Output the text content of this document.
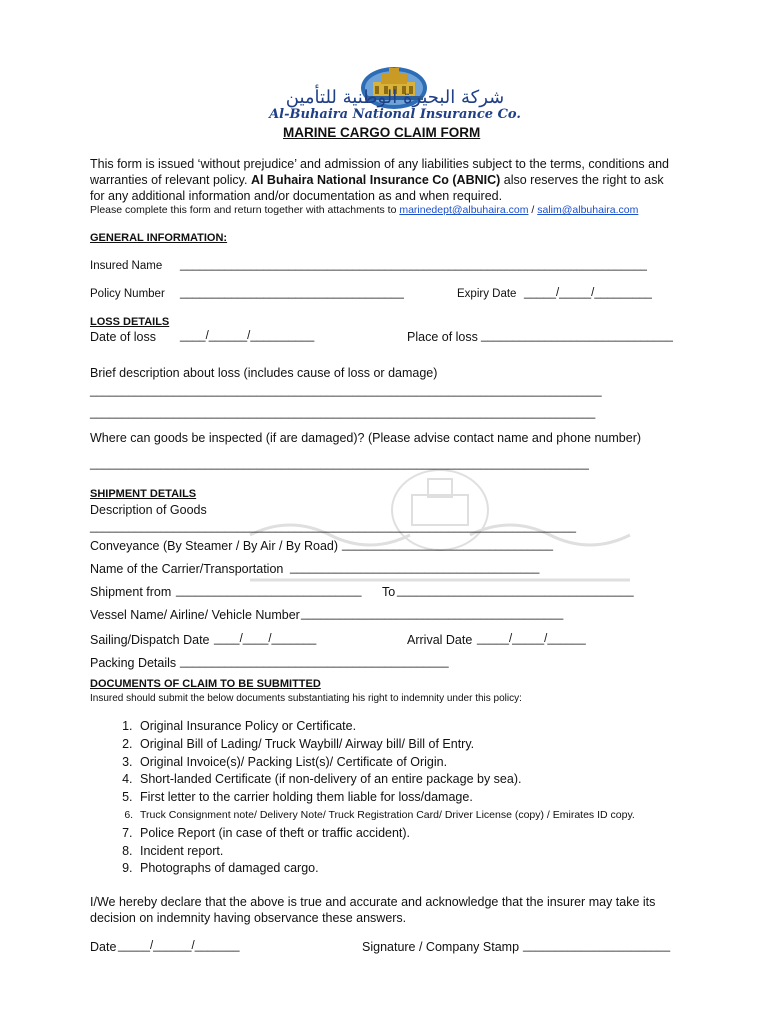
شركة البحيرة الوطنية للتأمين
Al-Buhaira National Insurance Co.
MARINE CARGO CLAIM FORM
This form is issued ‘without prejudice’ and admission of any liabilities subject to the terms, conditions and
warranties of relevant policy. Al Buhaira National Insurance Co (ABNIC) also reserves the right to ask
for any additional information and/or documentation as and when required.
Please complete this form and return together with attachments to marinedept@albuhaira.com / salim@albuhaira.com
GENERAL INFORMATION:
Insured Name _________________________________________________________________________
Policy Number ___________________________________	Expiry Date _____/_____/_________
LOSS DETAILS
Date of loss ____/______/__________	Place of loss ______________________________
Brief description about loss (includes cause of loss or damage)
________________________________________________________________________________
_______________________________________________________________________________
Where can goods be inspected (if are damaged)? (Please advise contact name and phone number)
______________________________________________________________________________
SHIPMENT DETAILS
Description of Goods
____________________________________________________________________________
Conveyance (By Steamer / By Air / By Road) _________________________________
Name of the Carrier/Transportation _______________________________________
Shipment from _____________________________ To _____________________________________
Vessel Name/ Airline/ Vehicle Number _________________________________________
Sailing/Dispatch Date ____/____/_______	Arrival Date _____/_____/______
Packing Details __________________________________________
DOCUMENTS OF CLAIM TO BE SUBMITTED
Insured should submit the below documents substantiating his right to indemnity under this policy:
1. Original Insurance Policy or Certificate.
2. Original Bill of Lading/ Truck Waybill/ Airway bill/ Bill of Entry.
3. Original Invoice(s)/ Packing List(s)/ Certificate of Origin.
4. Short-landed Certificate (if non-delivery of an entire package by sea).
5. First letter to the carrier holding them liable for loss/damage.
6. Truck Consignment note/ Delivery Note/ Truck Registration Card/ Driver License (copy) / Emirates ID copy.
7. Police Report (in case of theft or traffic accident).
8. Incident report.
9. Photographs of damaged cargo.
I/We hereby declare that the above is true and accurate and acknowledge that the insurer may take its
decision on indemnity having observance these answers.
Date _____/______/_______	Signature / Company Stamp _______________________
